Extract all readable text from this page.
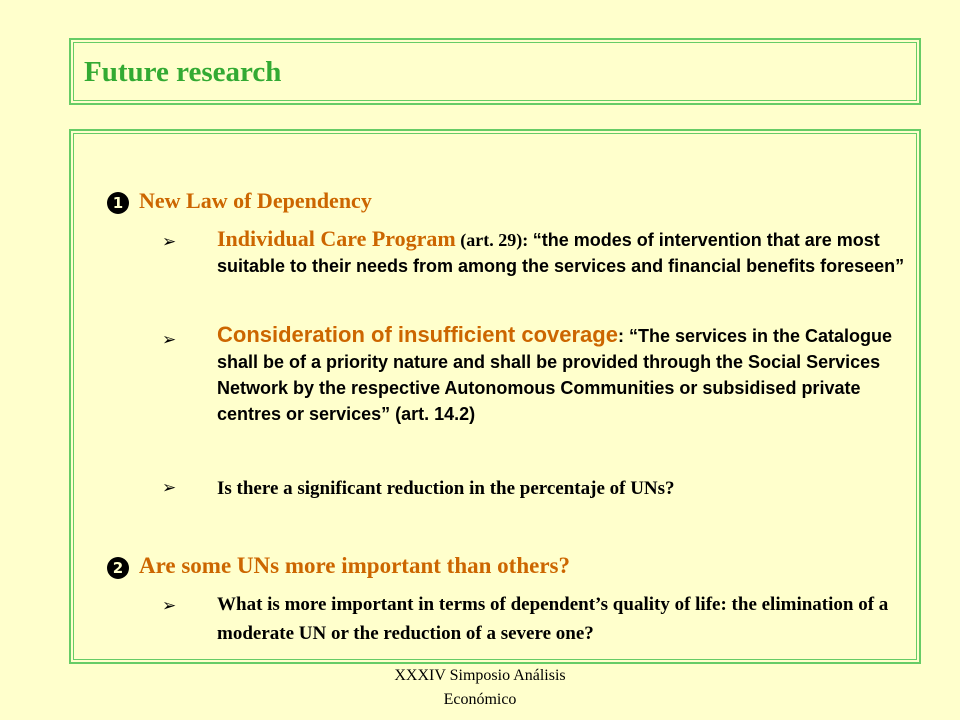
Future research
1 New Law of Dependency
➢ Individual Care Program (art. 29): “the modes of intervention that are most suitable to their needs from among the services and financial benefits foreseen”
➢ Consideration of insufficient coverage: “The services in the Catalogue shall be of a priority nature and shall be provided through the Social Services Network by the respective Autonomous Communities or subsidised private centres or services” (art. 14.2)
➢ Is there a significant reduction in the percentaje of UNs?
2 Are some UNs more important than others?
➢ What is more important in terms of dependent’s quality of life: the elimination of a moderate UN or the reduction of a severe one?
XXXIV Simposio Análisis
Económico
